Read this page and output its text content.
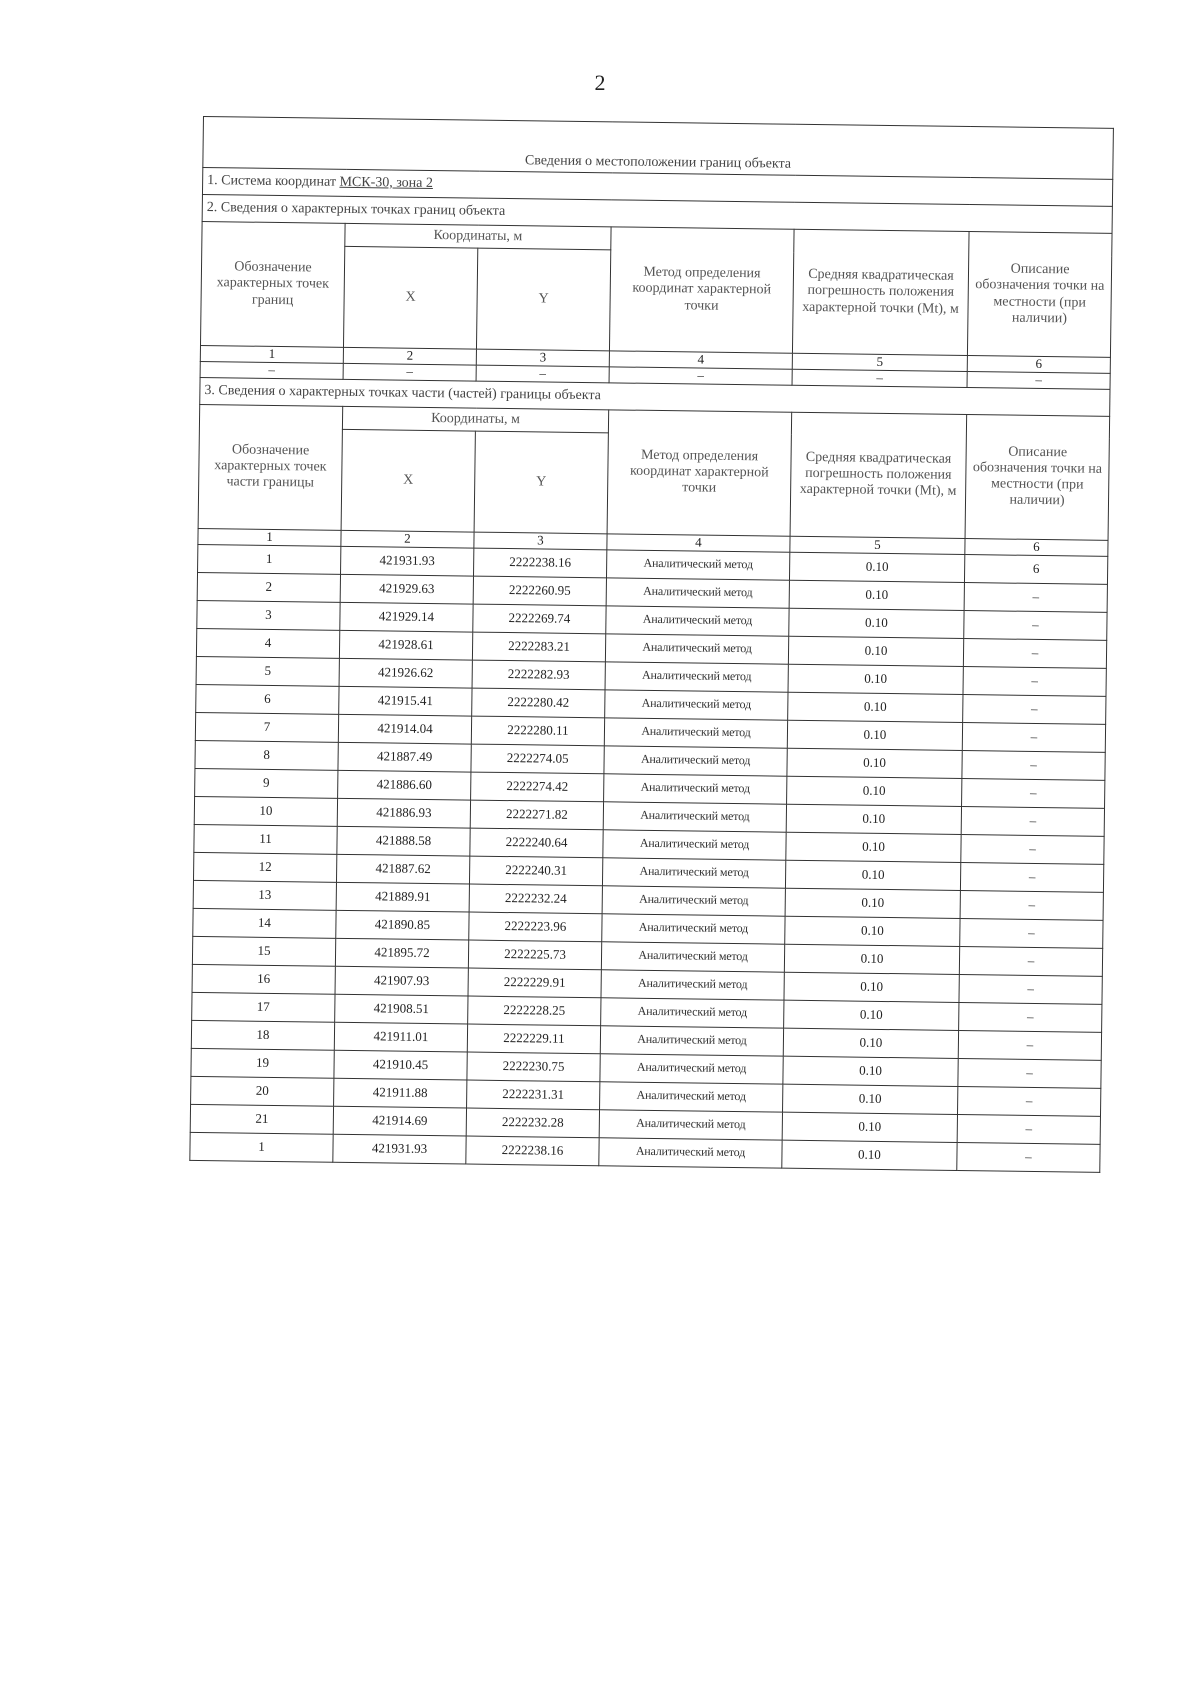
2
Сведения о местоположении границ объекта					
1. Система координат МСК-30, зона 2					
2. Сведения о характерных точках границ объекта					
Обозначение характерных точек границ	Координаты, м		Метод определения координат характерной точки	Средняя квадратическая погрешность положения характерной точки (Mt), м	Описание обозначения точки на местности (при наличии)
	X	Y			
1	2	3	4	5	6
–	–	–	–	–	–
3. Сведения о характерных точках части (частей) границы объекта					
Обозначение характерных точек части границы	Координаты, м		Метод определения координат характерной точки	Средняя квадратическая погрешность положения характерной точки (Mt), м	Описание обозначения точки на местности (при наличии)
	X	Y			
1	2	3	4	5	6
1	421931.93	2222238.16	Аналитический метод	0.10	6
2	421929.63	2222260.95	Аналитический метод	0.10	–
3	421929.14	2222269.74	Аналитический метод	0.10	–
4	421928.61	2222283.21	Аналитический метод	0.10	–
5	421926.62	2222282.93	Аналитический метод	0.10	–
6	421915.41	2222280.42	Аналитический метод	0.10	–
7	421914.04	2222280.11	Аналитический метод	0.10	–
8	421887.49	2222274.05	Аналитический метод	0.10	–
9	421886.60	2222274.42	Аналитический метод	0.10	–
10	421886.93	2222271.82	Аналитический метод	0.10	–
11	421888.58	2222240.64	Аналитический метод	0.10	–
12	421887.62	2222240.31	Аналитический метод	0.10	–
13	421889.91	2222232.24	Аналитический метод	0.10	–
14	421890.85	2222223.96	Аналитический метод	0.10	–
15	421895.72	2222225.73	Аналитический метод	0.10	–
16	421907.93	2222229.91	Аналитический метод	0.10	–
17	421908.51	2222228.25	Аналитический метод	0.10	–
18	421911.01	2222229.11	Аналитический метод	0.10	–
19	421910.45	2222230.75	Аналитический метод	0.10	–
20	421911.88	2222231.31	Аналитический метод	0.10	–
21	421914.69	2222232.28	Аналитический метод	0.10	–
1	421931.93	2222238.16	Аналитический метод	0.10	–
